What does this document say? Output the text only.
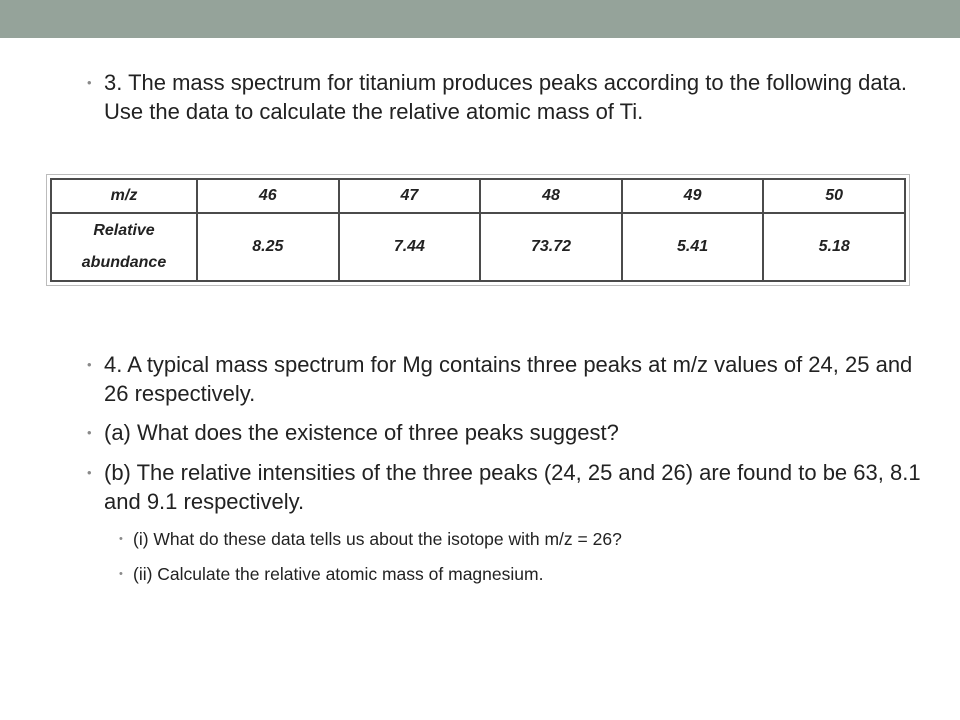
• 3. The mass spectrum for titanium produces peaks according to the following data. Use the data to calculate the relative atomic mass of Ti.
m/z	46	47	48	49	50

Relative
abundance	8.25	7.44	73.72	5.41	5.18
• 4. A typical mass spectrum for Mg contains three peaks at m/z values of 24, 25 and 26 respectively.
• (a) What does the existence of three peaks suggest?
• (b) The relative intensities of the three peaks (24, 25 and 26) are found to be 63, 8.1 and 9.1 respectively.
• (i) What do these data tells us about the isotope with m/z = 26?
• (ii) Calculate the relative atomic mass of magnesium.
